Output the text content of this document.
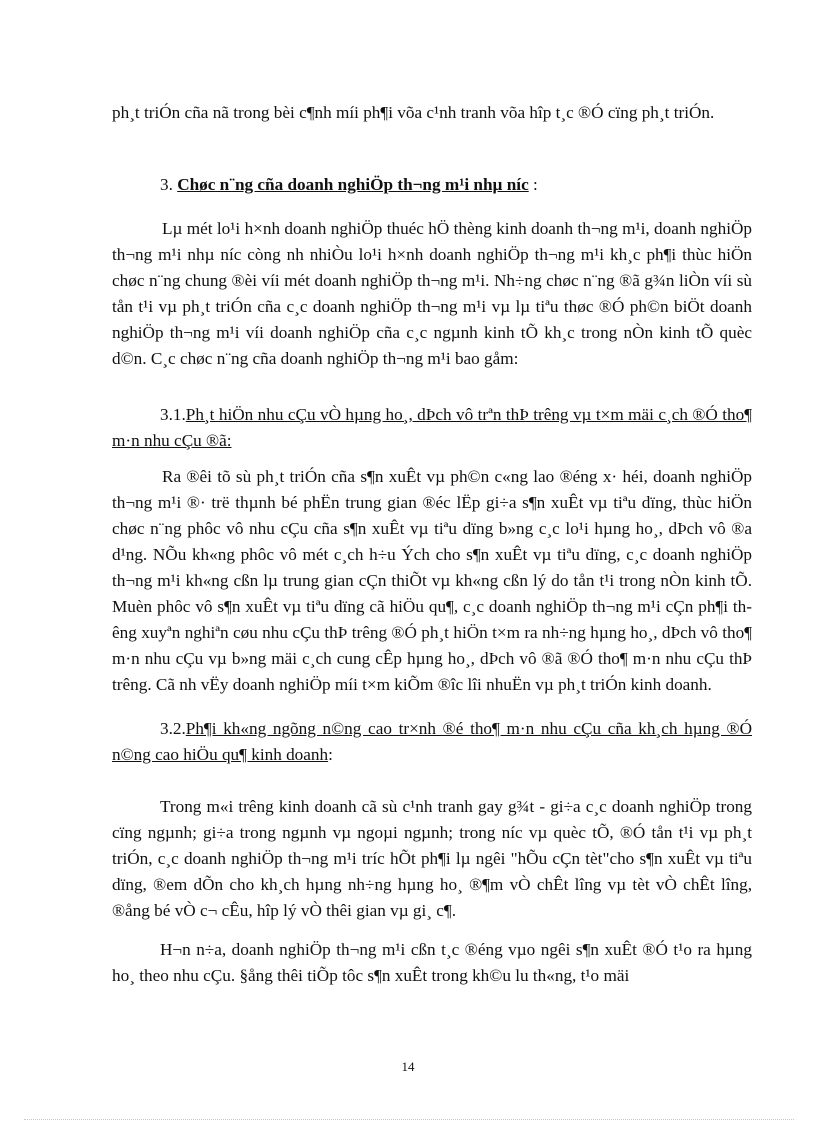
ph¸t triÓn cña nã trong bèi c¶nh míi ph¶i võa c¹nh tranh võa hîp t¸c ®Ó cïng ph¸t triÓn.

3. Chøc n¨ng cña doanh nghiÖp th¬ng m¹i nhµ níc :

Lµ mét lo¹i h×nh doanh nghiÖp thuéc hÖ thèng kinh doanh th¬ng m¹i, doanh nghiÖp th¬ng m¹i nhµ níc còng nh nhiÒu lo¹i h×nh doanh nghiÖp th¬ng m¹i kh¸c ph¶i thùc hiÖn chøc n¨ng chung ®èi víi mét doanh nghiÖp th¬ng m¹i. Nh÷ng chøc n¨ng ®ã g¾n liÒn víi sù tån t¹i vµ ph¸t triÓn cña c¸c doanh nghiÖp th¬ng m¹i vµ lµ tiªu thøc ®Ó ph©n biÖt doanh nghiÖp th¬ng m¹i víi doanh nghiÖp cña c¸c ngµnh kinh tÕ kh¸c trong nÒn kinh tÕ quèc d©n. C¸c chøc n¨ng cña doanh nghiÖp th¬ng m¹i bao gåm:

3.1.Ph¸t hiÖn nhu cÇu vÒ hµng ho¸, dÞch vô trªn thÞ trêng vµ t×m mäi c¸ch ®Ó tho¶ m·n nhu cÇu ®ã:

Ra ®êi tõ sù ph¸t triÓn cña s¶n xuÊt vµ ph©n c«ng lao ®éng x· héi, doanh nghiÖp th¬ng m¹i ®· trë thµnh bé phËn trung gian ®éc lËp gi÷a s¶n xuÊt vµ tiªu dïng, thùc hiÖn chøc n¨ng phôc vô nhu cÇu cña s¶n xuÊt vµ tiªu dïng b»ng c¸c lo¹i hµng ho¸, dÞch vô ®a d¹ng. NÕu kh«ng phôc vô mét c¸ch h÷u Ých cho s¶n xuÊt vµ tiªu dïng, c¸c doanh nghiÖp th¬ng m¹i kh«ng cßn lµ trung gian cÇn thiÕt vµ kh«ng cßn lý do tån t¹i trong nÒn kinh tÕ. Muèn phôc vô s¶n xuÊt vµ tiªu dïng cã hiÖu qu¶, c¸c doanh nghiÖp th¬ng m¹i cÇn ph¶i thêng xuyªn nghiªn cøu nhu cÇu thÞ trêng ®Ó ph¸t hiÖn t×m ra nh÷ng hµng ho¸, dÞch vô tho¶ m·n nhu cÇu vµ b»ng mäi c¸ch cung cÊp hµng ho¸, dÞch vô ®ã ®Ó tho¶ m·n nhu cÇu thÞ trêng. Cã nh vËy doanh nghiÖp míi t×m kiÕm ®îc lîi nhuËn vµ ph¸t triÓn kinh doanh.

3.2.Ph¶i kh«ng ngõng n©ng cao tr×nh ®é tho¶ m·n nhu cÇu cña kh¸ch hµng ®Ó n©ng cao hiÖu qu¶ kinh doanh:

Trong m«i trêng kinh doanh cã sù c¹nh tranh gay g¾t - gi÷a c¸c doanh nghiÖp trong cïng ngµnh; gi÷a trong ngµnh vµ ngoµi ngµnh; trong níc vµ quèc tÕ, ®Ó tån t¹i vµ ph¸t triÓn, c¸c doanh nghiÖp th¬ng m¹i tríc hÕt ph¶i lµ ngêi "hÕu cÇn tèt"cho s¶n xuÊt vµ tiªu dïng, ®em dÕn cho kh¸ch hµng nh÷ng hµng ho¸ ®¶m vÒ chÊt lîng vµ tèt vÒ chÊt lîng, ®ång bé vÒ c¬ cÊu, hîp lý vÒ thêi gian vµ gi¸ c¶.

H¬n n÷a, doanh nghiÖp th¬ng m¹i cßn t¸c ®éng vµo ngêi s¶n xuÊt ®Ó t¹o ra hµng ho¸ theo nhu cÇu. §ång thêi tiÕp tôc s¶n xuÊt trong kh©u lu th«ng, t¹o mäi

14
